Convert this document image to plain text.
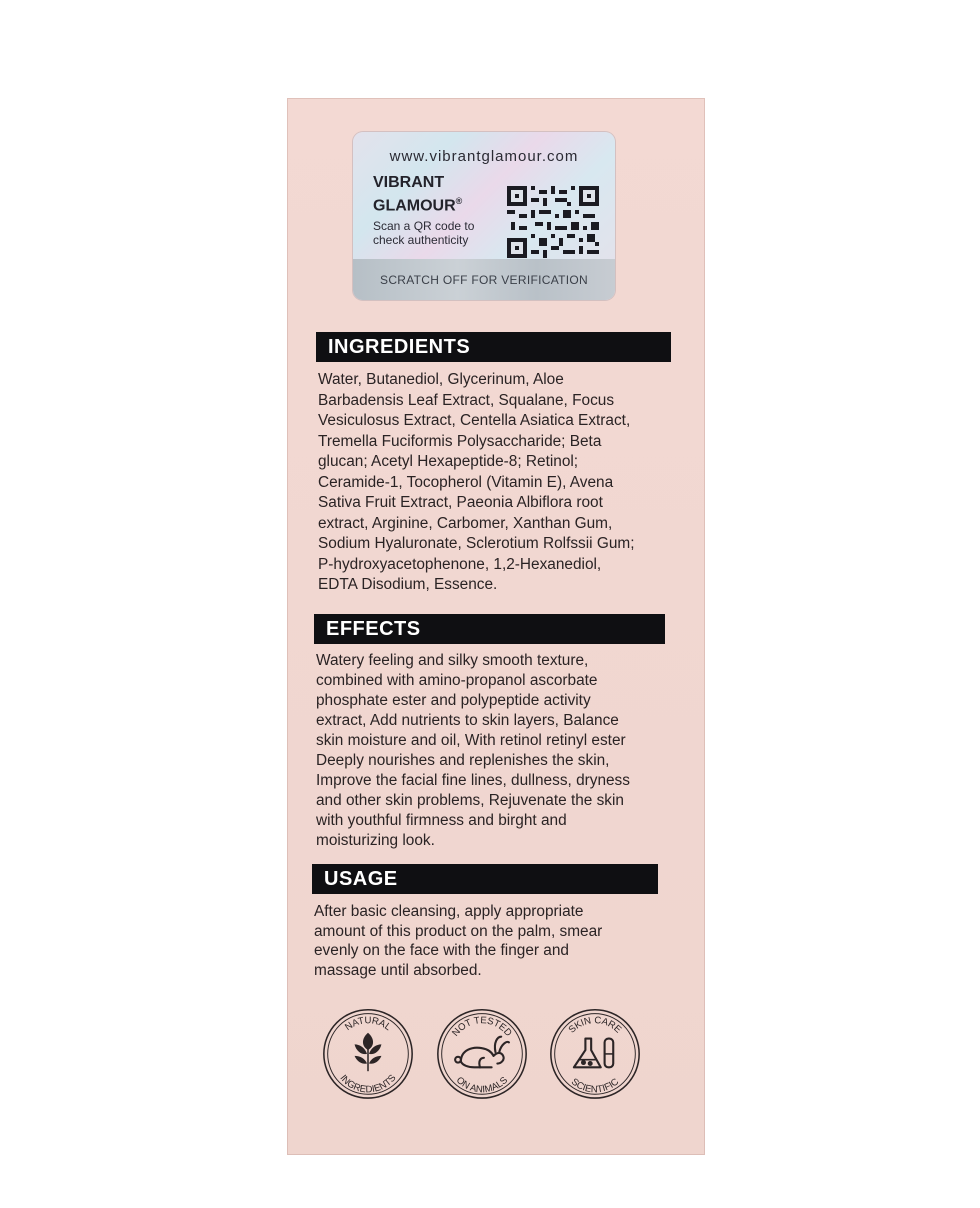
www.vibrantglamour.com
VIBRANT
GLAMOUR®
Scan a QR code to
check authenticity
SCRATCH OFF FOR VERIFICATION
INGREDIENTS
Water, Butanediol, Glycerinum, Aloe
Barbadensis Leaf Extract, Squalane, Focus
Vesiculosus Extract, Centella Asiatica Extract,
Tremella Fuciformis Polysaccharide; Beta
glucan; Acetyl Hexapeptide-8; Retinol;
Ceramide-1, Tocopherol (Vitamin E), Avena
Sativa Fruit Extract, Paeonia Albiflora root
extract, Arginine, Carbomer, Xanthan Gum,
Sodium Hyaluronate, Sclerotium Rolfssii Gum;
P-hydroxyacetophenone, 1,2-Hexanediol,
EDTA Disodium, Essence.
EFFECTS
Watery feeling and silky smooth texture,
combined with amino-propanol ascorbate
phosphate ester and polypeptide activity
extract, Add nutrients to skin layers, Balance
skin moisture and oil, With retinol retinyl ester
Deeply nourishes and replenishes the skin,
Improve the facial fine lines, dullness, dryness
and other skin problems, Rejuvenate the skin
with youthful firmness and birght and
moisturizing look.
USAGE
After basic cleansing, apply appropriate
amount of this product on the palm, smear
evenly on the face with the finger and
massage until absorbed.
NATURAL
INGREDIENTS
NOT TESTED
ON ANIMALS
SKIN CARE
SCIENTIFIC
